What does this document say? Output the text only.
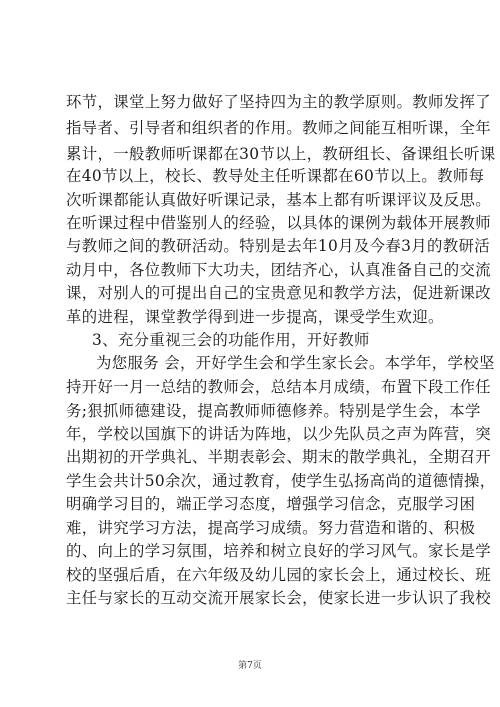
环节，课堂上努力做好了坚持四为主的教学原则。教师发挥了
指导者、引导者和组织者的作用。教师之间能互相听课，全年
累计，一般教师听课都在30节以上，教研组长、备课组长听课
在40节以上，校长、教导处主任听课都在60节以上。教师每
次听课都能认真做好听课记录，基本上都有听课评议及反思。
在听课过程中借鉴别人的经验，以具体的课例为载体开展教师
与教师之间的教研活动。特别是去年10月及今春3月的教研活
动月中，各位教师下大功夫，团结齐心，认真准备自己的交流
课，对别人的可提出自己的宝贵意见和教学方法，促进新课改
革的进程，课堂教学得到进一步提高，课受学生欢迎。
3、充分重视三会的功能作用，开好教师
为您服务 会，开好学生会和学生家长会。本学年，学校坚
持开好一月一总结的教师会，总结本月成绩，布置下段工作任
务;狠抓师德建设，提高教师师德修养。特别是学生会，本学
年，学校以国旗下的讲话为阵地，以少先队员之声为阵营，突
出期初的开学典礼、半期表彰会、期末的散学典礼，全期召开
学生会共计50余次，通过教育，使学生弘扬高尚的道德情操，
明确学习目的，端正学习态度，增强学习信念，克服学习困
难，讲究学习方法，提高学习成绩。努力营造和谐的、积极
的、向上的学习氛围，培养和树立良好的学习风气。家长是学
校的坚强后盾，在六年级及幼儿园的家长会上，通过校长、班
主任与家长的互动交流开展家长会，使家长进一步认识了我校
第7页
